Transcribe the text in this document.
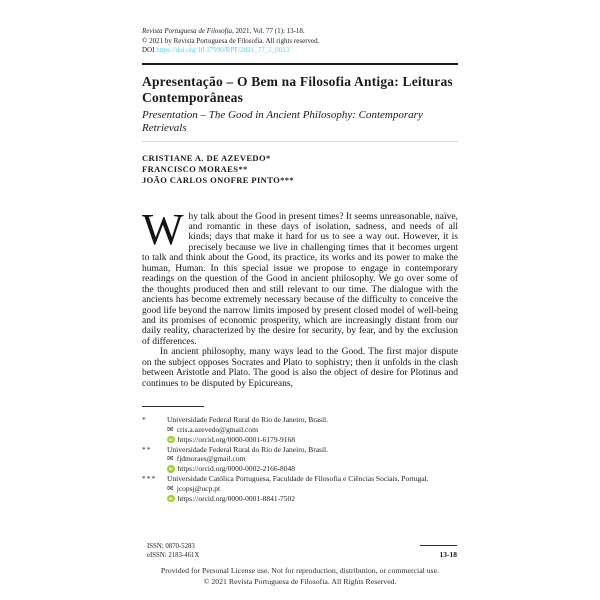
Revista Portuguesa de Filosofia, 2021, Vol. 77 (1): 13-18.
© 2021 by Revista Portuguesa de Filosofia. All rights reserved.
DOI https://doi.org/10.17990/RPF/2021_77_1_0013
Apresentação – O Bem na Filosofia Antiga: Leituras Contemporâneas
Presentation – The Good in Ancient Philosophy: Contemporary Retrievals
CRISTIANE A. DE AZEVEDO*
FRANCISCO MORAES**
JOÃO CARLOS ONOFRE PINTO***

Why talk about the Good in present times? It seems unreasonable, naïve, and romantic in these days of isolation, sadness, and needs of all kinds; days that make it hard for us to see a way out. However, it is precisely because we live in challenging times that it becomes urgent to talk and think about the Good, its practice, its works and its power to make the human, Human. In this special issue we propose to engage in contemporary readings on the question of the Good in ancient philosophy. We go over some of the thoughts produced then and still relevant to our time. The dialogue with the ancients has become extremely necessary because of the difficulty to conceive the good life beyond the narrow limits imposed by present closed model of well-being and its promises of economic prosperity, which are increasingly distant from our daily reality, characterized by the desire for security, by fear, and by the exclusion of differences.

In ancient philosophy, many ways lead to the Good. The first major dispute on the subject opposes Socrates and Plato to sophistry; then it unfolds in the clash between Aristotle and Plato. The good is also the object of desire for Plotinus and continues to be disputed by Epicureans,

*	Universidade Federal Rural do Rio de Janeiro, Brasil.
✉ cris.a.azevedo@gmail.com
iD https://orcid.org/0000-0001-6179-9168
**	Universidade Federal Rural do Rio de Janeiro, Brasil.
✉ fjdmoraes@gmail.com
iD https://orcid.org/0000-0002-2166-8048
***	Universidade Católica Portuguesa, Faculdade de Filosofia e Ciências Sociais, Portugal.
✉ jcopsj@ucp.pt
iD https://orcid.org/0000-0001-8841-7502
ISSN: 0870-5283
eISSN: 2183-461X	13-18
Provided for Personal License use. Not for reproduction, distribution, or commercial use.
© 2021 Revista Portuguesa de Filosofia. All Rights Reserved.
